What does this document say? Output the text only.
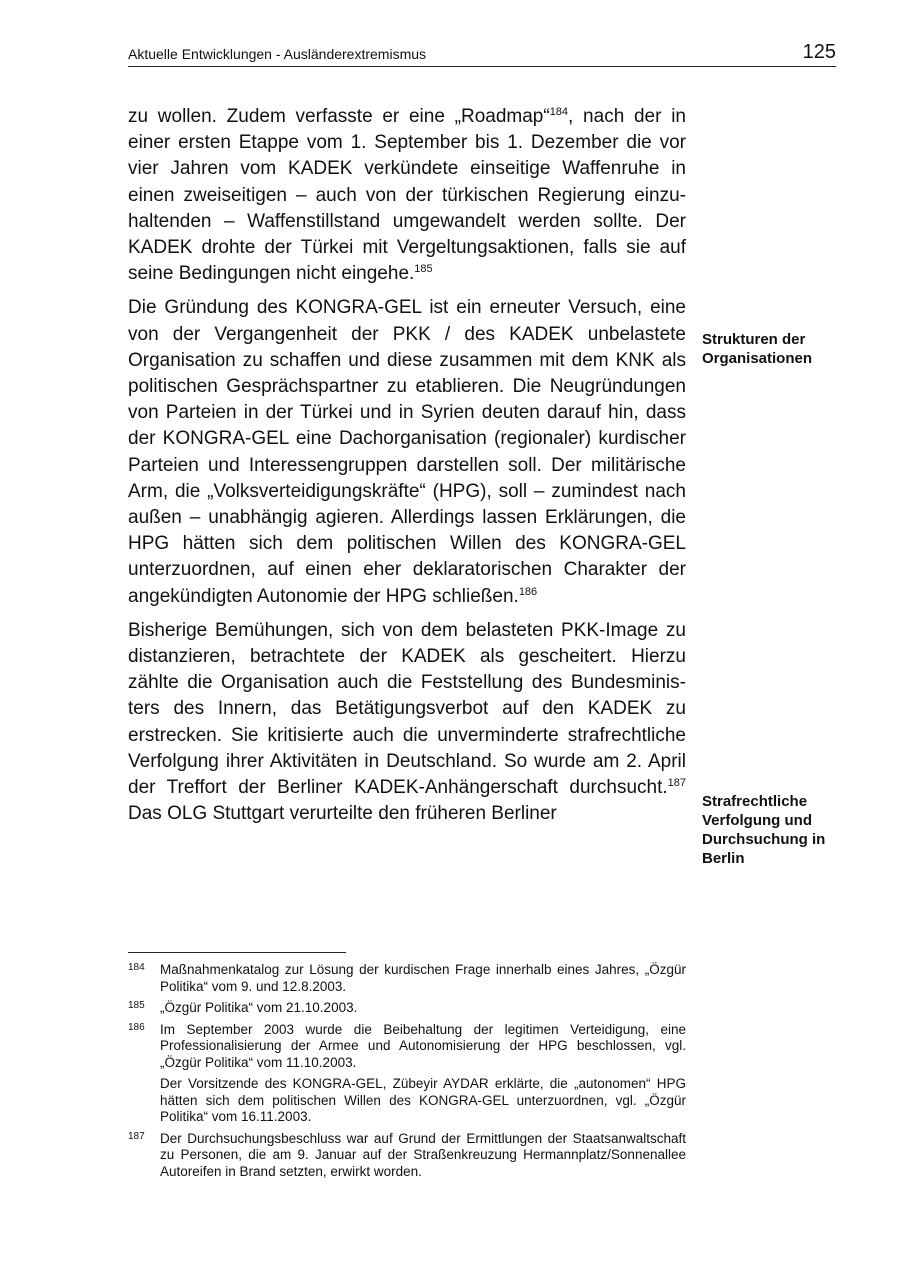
Aktuelle Entwicklungen - Ausländerextremismus	125

zu wollen. Zudem verfasste er eine „Roadmap“$^{184}$, nach der in einer ersten Etappe vom 1. September bis 1. Dezember die vor vier Jahren vom KADEK verkündete einseitige Waffenruhe in einen zweiseitigen – auch von der türkischen Regierung einzuhaltenden – Waffenstillstand umgewandelt werden sollte. Der KADEK drohte der Türkei mit Vergeltungsaktionen, falls sie auf seine Bedingungen nicht eingehe.$^{185}$

Die Gründung des KONGRA-GEL ist ein erneuter Versuch, eine von der Vergangenheit der PKK / des KADEK unbelastete Organisation zu schaffen und diese zusammen mit dem KNK als politischen Gesprächspartner zu etablieren. Die Neugründungen von Parteien in der Türkei und in Syrien deuten darauf hin, dass der KONGRA-GEL eine Dachorganisation (regionaler) kurdischer Parteien und Interessengruppen darstellen soll. Der militärische Arm, die „Volksverteidigungskräfte“ (HPG), soll – zumindest nach außen – unabhängig agieren. Allerdings lassen Erklärungen, die HPG hätten sich dem politischen Willen des KONGRA-GEL unterzuordnen, auf einen eher deklaratorischen Charakter der angekündigten Autonomie der HPG schließen.$^{186}$

Bisherige Bemühungen, sich von dem belasteten PKK-Image zu distanzieren, betrachtete der KADEK als gescheitert. Hierzu zählte die Organisation auch die Feststellung des Bundesministers des Innern, das Betätigungsverbot auf den KADEK zu erstrecken. Sie kritisierte auch die unverminderte strafrechtliche Verfolgung ihrer Aktivitäten in Deutschland. So wurde am 2. April der Treffort der Berliner KADEK-Anhängerschaft durchsucht.$^{187}$ Das OLG Stuttgart verurteilte den früheren Berliner

Strukturen der Organisationen
Strafrechtliche Verfolgung und Durchsuchung in Berlin
184 Maßnahmenkatalog zur Lösung der kurdischen Frage innerhalb eines Jahres, „Özgür Politika“ vom 9. und 12.8.2003.
185 „Özgür Politika“ vom 21.10.2003.
186 Im September 2003 wurde die Beibehaltung der legitimen Verteidigung, eine Professionalisierung der Armee und Autonomisierung der HPG beschlossen, vgl. „Özgür Politika“ vom 11.10.2003.
Der Vorsitzende des KONGRA-GEL, Zübeyir AYDAR erklärte, die „autonomen“ HPG hätten sich dem politischen Willen des KONGRA-GEL unterzuordnen, vgl. „Özgür Politika“ vom 16.11.2003.
187 Der Durchsuchungsbeschluss war auf Grund der Ermittlungen der Staatsanwaltschaft zu Personen, die am 9. Januar auf der Straßenkreuzung Hermannplatz/Sonnenallee Autoreifen in Brand setzten, erwirkt worden.
